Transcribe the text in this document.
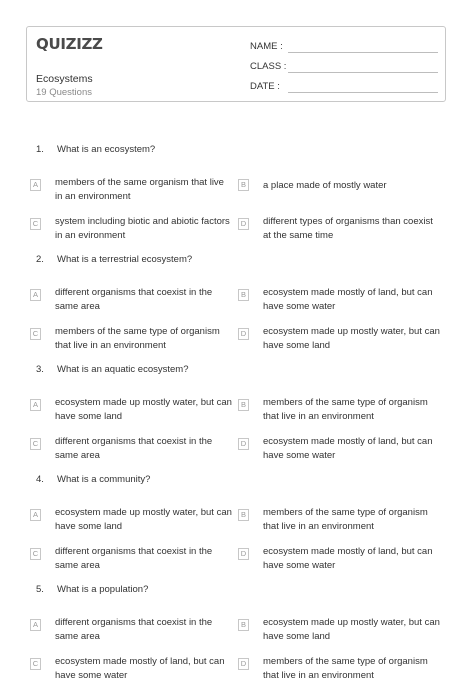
QUIZIZZ
Ecosystems
19 Questions
NAME :
CLASS :
DATE :
1. What is an ecosystem?
A	members of the same organism that live in an environment
B	a place made of mostly water
C system including biotic and abiotic factors in an evironment
D different types of organisms than coexist at the same time
2. What is a terrestrial ecosystem?
A	different organisms that coexist in the same area
B	ecosystem made mostly of land, but can have some water
C members of the same type of organism that live in an environment
D ecosystem made up mostly water, but can have some land
3. What is an aquatic ecosystem?
A	ecosystem made up mostly water, but can have some land
B	members of the same type of organism that live in an environment
C different organisms that coexist in the same area
D ecosystem made mostly of land, but can have some water
4. What is a community?
A	ecosystem made up mostly water, but can have some land
B	members of the same type of organism that live in an environment
C different organisms that coexist in the same area
D ecosystem made mostly of land, but can have some water
5. What is a population?
A	different organisms that coexist in the same area
B	ecosystem made up mostly water, but can have some land
C ecosystem made mostly of land, but can have some water
D members of the same type of organism that live in an environment
